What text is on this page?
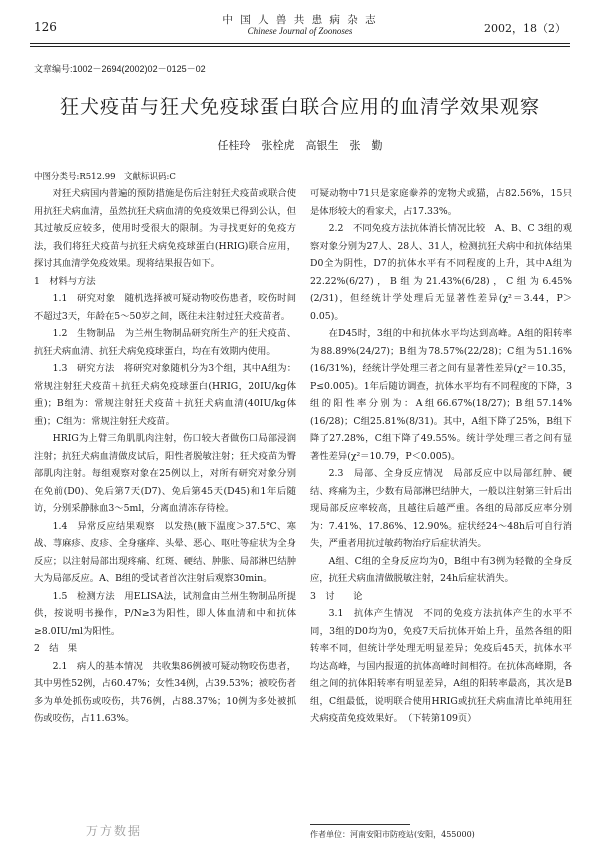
126	中 国 人 兽 共 患 病 杂 志
Chinese Journal of Zoonoses	2002，18（2）
文章编号:1002－2694(2002)02－0125－02
狂犬疫苗与狂犬免疫球蛋白联合应用的血清学效果观察
任桂玲　张栓虎　高银生　张　勤
中图分类号:R512.99　文献标识码:C

对狂犬病国内普遍的预防措施是伤后注射狂犬疫苗或联合使用抗狂犬病血清，虽然抗狂犬病血清的免疫效果已得到公认，但其过敏反应较多，使用时受很大的限制。为寻找更好的免疫方法，我们将狂犬疫苗与抗狂犬病免疫球蛋白(HRIG)联合应用，探讨其血清学免疫效果。现将结果报告如下。

1　材料与方法

1.1　研究对象　随机选择被可疑动物咬伤患者，咬伤时间不超过3天，年龄在5～50岁之间，既往未注射过狂犬疫苗者。

1.2　生物制品　为兰州生物制品研究所生产的狂犬疫苗、抗狂犬病血清、抗狂犬病免疫球蛋白，均在有效期内使用。

1.3　研究方法　将研究对象随机分为3个组，其中A组为：常规注射狂犬疫苗＋抗狂犬病免疫球蛋白(HRIG，20IU/kg体重)；B组为：常规注射狂犬疫苗＋抗狂犬病血清(40IU/kg体重)；C组为：常规注射狂犬疫苗。

HRIG为上臂三角肌肌肉注射，伤口较大者做伤口局部浸润注射；抗狂犬病血清做皮试后，阳性者脱敏注射；狂犬疫苗为臀部肌肉注射。每组观察对象在25例以上，对所有研究对象分别在免前(D0)、免后第7天(D7)、免后第45天(D45)和1年后随访，分别采静脉血3～5ml，分离血清冻存待检。

1.4　异常反应结果观察　以发热(腋下温度＞37.5℃、寒战、荨麻疹、皮疹、全身瘙痒、头晕、恶心、呕吐等症状为全身反应；以注射局部出现疼痛、红斑、硬结、肿胀、局部淋巴结肿大为局部反应。A、B组的受试者首次注射后观察30min。

1.5　检测方法　用ELISA法，试剂盒由兰州生物制品所提供，按说明书操作，P/N≥3为阳性，即人体血清和中和抗体≥8.0IU/ml为阳性。

2　结　果

2.1　病人的基本情况　共收集86例被可疑动物咬伤患者，其中男性52例，占60.47%；女性34例，占39.53%；被咬伤者多为单处抓伤或咬伤，共76例，占88.37%；10例为多处被抓伤或咬伤，占11.63%。

可疑动物中71只是家庭豢养的宠物犬或猫，占82.56%，15只是体形较大的看家犬，占17.33%。

2.2　不同免疫方法抗体消长情况比较　A、B、C 3组的观察对象分别为27人、28人、31人，检测抗狂犬病中和抗体结果D0全为阴性，D7的抗体水平有不同程度的上升，其中A组为22.22%(6/27)，B组为21.43%(6/28)，C组为6.45%(2/31)，但经统计学处理后无显著性差异(χ²＝3.44，P＞0.05)。

在D45时，3组的中和抗体水平均达到高峰。A组的阳转率为88.89%(24/27)；B组为78.57%(22/28)；C组为51.16%(16/31%)，经统计学处理三者之间有显著性差异(χ²＝10.35，P≤0.005)。1年后随访调查，抗体水平均有不同程度的下降，3组的阳性率分别为：A组66.67%(18/27)；B组57.14%(16/28)；C组25.81%(8/31)。其中，A组下降了25%，B组下降了27.28%，C组下降了49.55%。统计学处理三者之间有显著性差异(χ²＝10.79，P＜0.005)。

2.3　局部、全身反应情况　局部反应中以局部红肿、硬结、疼痛为主，少数有局部淋巴结肿大，一般以注射第三针后出现局部反应率较高，且越往后越严重。各组的局部反应率分别为：7.41%、17.86%、12.90%。症状经24～48h后可自行消失，严重者用抗过敏药物治疗后症状消失。

A组、C组的全身反应均为0，B组中有3例为轻微的全身反应，抗狂犬病血清做脱敏注射，24h后症状消失。

3　讨　　论

3.1　抗体产生情况　不同的免疫方法抗体产生的水平不同，3组的D0均为0，免疫7天后抗体开始上升，虽然各组的阳转率不同，但统计学处理无明显差异；免疫后45天，抗体水平均达高峰，与国内报道的抗体高峰时间相符。在抗体高峰期，各组之间的抗体阳转率有明显差异，A组的阳转率最高，其次是B组，C组最低，说明联合使用HRIG或抗狂犬病血清比单纯用狂犬病疫苗免疫效果好。　（下转第109页）

作者单位：河南安阳市防疫站(安阳，455000)
万方数据
